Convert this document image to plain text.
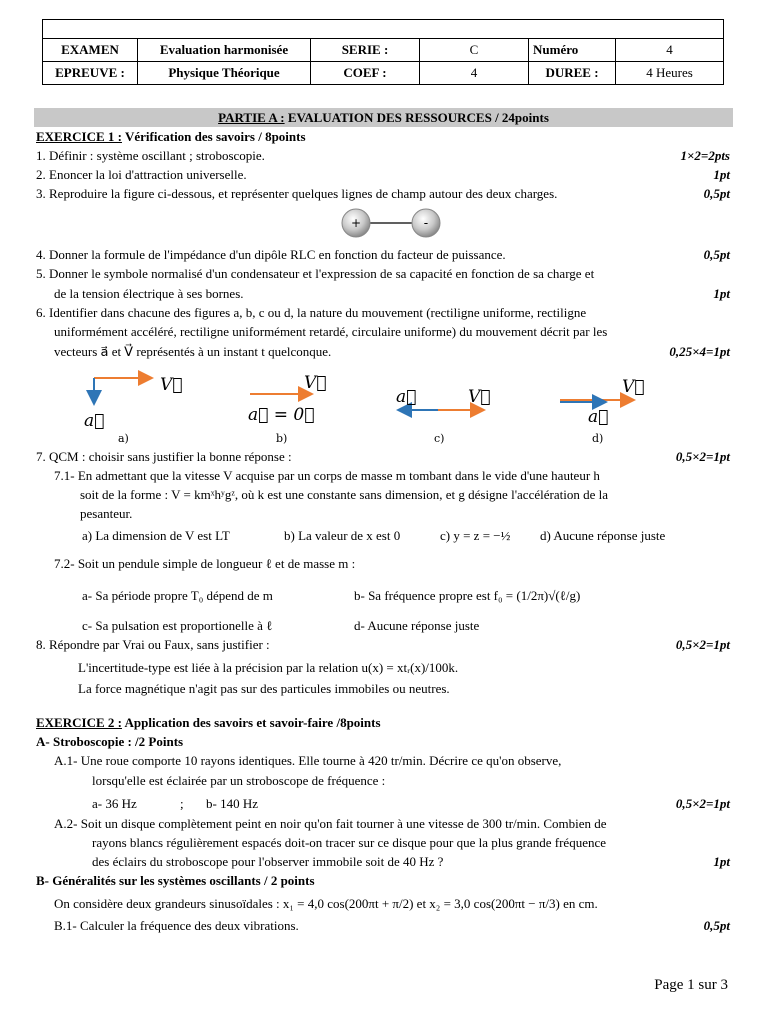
EXAMEN	Evaluation harmonisée	SERIE :	C	Numéro	4
EPREUVE :	Physique Théorique	COEF :	4	DUREE :	4 Heures
PARTIE A : EVALUATION DES RESSOURCES / 24points
EXERCICE 1 : Vérification des savoirs / 8points
1. Définir : système oscillant ; stroboscopie.	1×2=2pts
2. Enoncer la loi d'attraction universelle.	1pt
3. Reproduire la figure ci-dessous, et représenter quelques lignes de champ autour des deux charges.	0,5pt
+	-
4. Donner la formule de l'impédance d'un dipôle RLC en fonction du facteur de puissance.	0,5pt
5. Donner le symbole normalisé d'un condensateur et l'expression de sa capacité en fonction de sa charge et
de la tension électrique à ses bornes.	1pt
6. Identifier dans chacune des figures a, b, c ou d, la nature du mouvement (rectiligne uniforme, rectiligne
uniformément accéléré, rectiligne uniformément retardé, circulaire uniforme) du mouvement décrit par les
vecteurs a⃗ et V⃗ représentés à un instant t quelconque.	0,25×4=1pt
V⃗
a⃗
a)
V⃗
a⃗ = 0⃗
b)
a⃗	V⃗
c)
V⃗
a⃗
d)
7. QCM : choisir sans justifier la bonne réponse :	0,5×2=1pt
7.1- En admettant que la vitesse V acquise par un corps de masse m tombant dans le vide d'une hauteur h
soit de la forme : V = kmˣhʸgᶻ, où k est une constante sans dimension, et g désigne l'accélération de la
pesanteur.
a) La dimension de V est LT	b) La valeur de x est 0	c) y = z = −½ d) Aucune réponse juste
7.2- Soit un pendule simple de longueur ℓ et de masse m :
a- Sa période propre T₀ dépend de m	b- Sa fréquence propre est f₀ = (1/2π)√(ℓ/g)
c- Sa pulsation est proportionelle à ℓ	d- Aucune réponse juste
8. Répondre par Vrai ou Faux, sans justifier :	0,5×2=1pt
L'incertitude-type est liée à la précision par la relation u(x) = xtᵣ(x)/100k.
La force magnétique n'agit pas sur des particules immobiles ou neutres.
EXERCICE 2 : Application des savoirs et savoir-faire /8points
A- Stroboscopie : /2 Points
A.1- Une roue comporte 10 rayons identiques. Elle tourne à 420 tr/min. Décrire ce qu'on observe,
lorsqu'elle est éclairée par un stroboscope de fréquence :
a- 36 Hz	; b- 140 Hz	0,5×2=1pt
A.2- Soit un disque complètement peint en noir qu'on fait tourner à une vitesse de 300 tr/min. Combien de
rayons blancs régulièrement espacés doit-on tracer sur ce disque pour que la plus grande fréquence
des éclairs du stroboscope pour l'observer immobile soit de 40 Hz ?	1pt
B- Généralités sur les systèmes oscillants / 2 points
On considère deux grandeurs sinusoïdales : x₁ = 4,0 cos(200πt + π/2) et x₂ = 3,0 cos(200πt − π/3) en cm.
B.1- Calculer la fréquence des deux vibrations.	0,5pt
Page 1 sur 3
